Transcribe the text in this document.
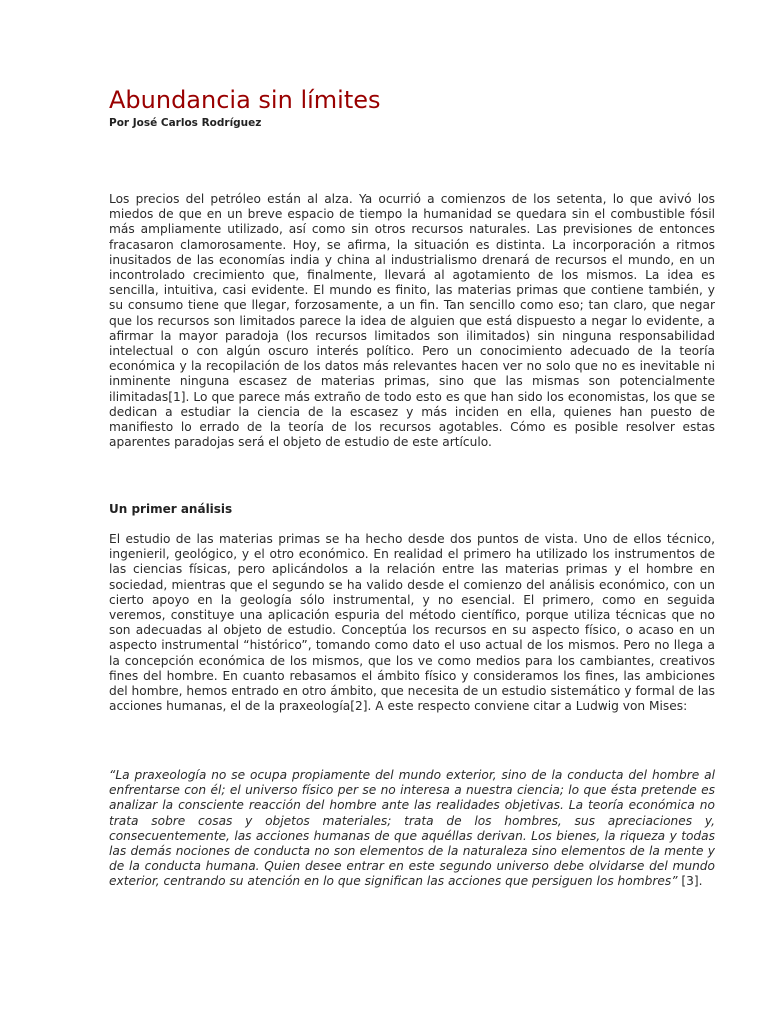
Abundancia sin límites
Por José Carlos Rodríguez

Los precios del petróleo están al alza. Ya ocurrió a comienzos de los setenta, lo que avivó los miedos de que en un breve espacio de tiempo la humanidad se quedara sin el combustible fósil más ampliamente utilizado, así como sin otros recursos naturales. Las previsiones de entonces fracasaron clamorosamente. Hoy, se afirma, la situación es distinta. La incorporación a ritmos inusitados de las economías india y china al industrialismo drenará de recursos el mundo, en un incontrolado crecimiento que, finalmente, llevará al agotamiento de los mismos. La idea es sencilla, intuitiva, casi evidente. El mundo es finito, las materias primas que contiene también, y su consumo tiene que llegar, forzosamente, a un fin. Tan sencillo como eso; tan claro, que negar que los recursos son limitados parece la idea de alguien que está dispuesto a negar lo evidente, a afirmar la mayor paradoja (los recursos limitados son ilimitados) sin ninguna responsabilidad intelectual o con algún oscuro interés político. Pero un conocimiento adecuado de la teoría económica y la recopilación de los datos más relevantes hacen ver no solo que no es inevitable ni inminente ninguna escasez de materias primas, sino que las mismas son potencialmente ilimitadas[1]. Lo que parece más extraño de todo esto es que han sido los economistas, los que se dedican a estudiar la ciencia de la escasez y más inciden en ella, quienes han puesto de manifiesto lo errado de la teoría de los recursos agotables. Cómo es posible resolver estas aparentes paradojas será el objeto de estudio de este artículo.

Un primer análisis

El estudio de las materias primas se ha hecho desde dos puntos de vista. Uno de ellos técnico, ingenieril, geológico, y el otro económico. En realidad el primero ha utilizado los instrumentos de las ciencias físicas, pero aplicándolos a la relación entre las materias primas y el hombre en sociedad, mientras que el segundo se ha valido desde el comienzo del análisis económico, con un cierto apoyo en la geología sólo instrumental, y no esencial. El primero, como en seguida veremos, constituye una aplicación espuria del método científico, porque utiliza técnicas que no son adecuadas al objeto de estudio. Conceptúa los recursos en su aspecto físico, o acaso en un aspecto instrumental “histórico”, tomando como dato el uso actual de los mismos. Pero no llega a la concepción económica de los mismos, que los ve como medios para los cambiantes, creativos fines del hombre. En cuanto rebasamos el ámbito físico y consideramos los fines, las ambiciones del hombre, hemos entrado en otro ámbito, que necesita de un estudio sistemático y formal de las acciones humanas, el de la praxeología[2]. A este respecto conviene citar a Ludwig von Mises:

“La praxeología no se ocupa propiamente del mundo exterior, sino de la conducta del hombre al enfrentarse con él; el universo físico per se no interesa a nuestra ciencia; lo que ésta pretende es analizar la consciente reacción del hombre ante las realidades objetivas. La teoría económica no trata sobre cosas y objetos materiales; trata de los hombres, sus apreciaciones y, consecuentemente, las acciones humanas de que aquéllas derivan. Los bienes, la riqueza y todas las demás nociones de conducta no son elementos de la naturaleza sino elementos de la mente y de la conducta humana. Quien desee entrar en este segundo universo debe olvidarse del mundo exterior, centrando su atención en lo que significan las acciones que persiguen los hombres” [3].
